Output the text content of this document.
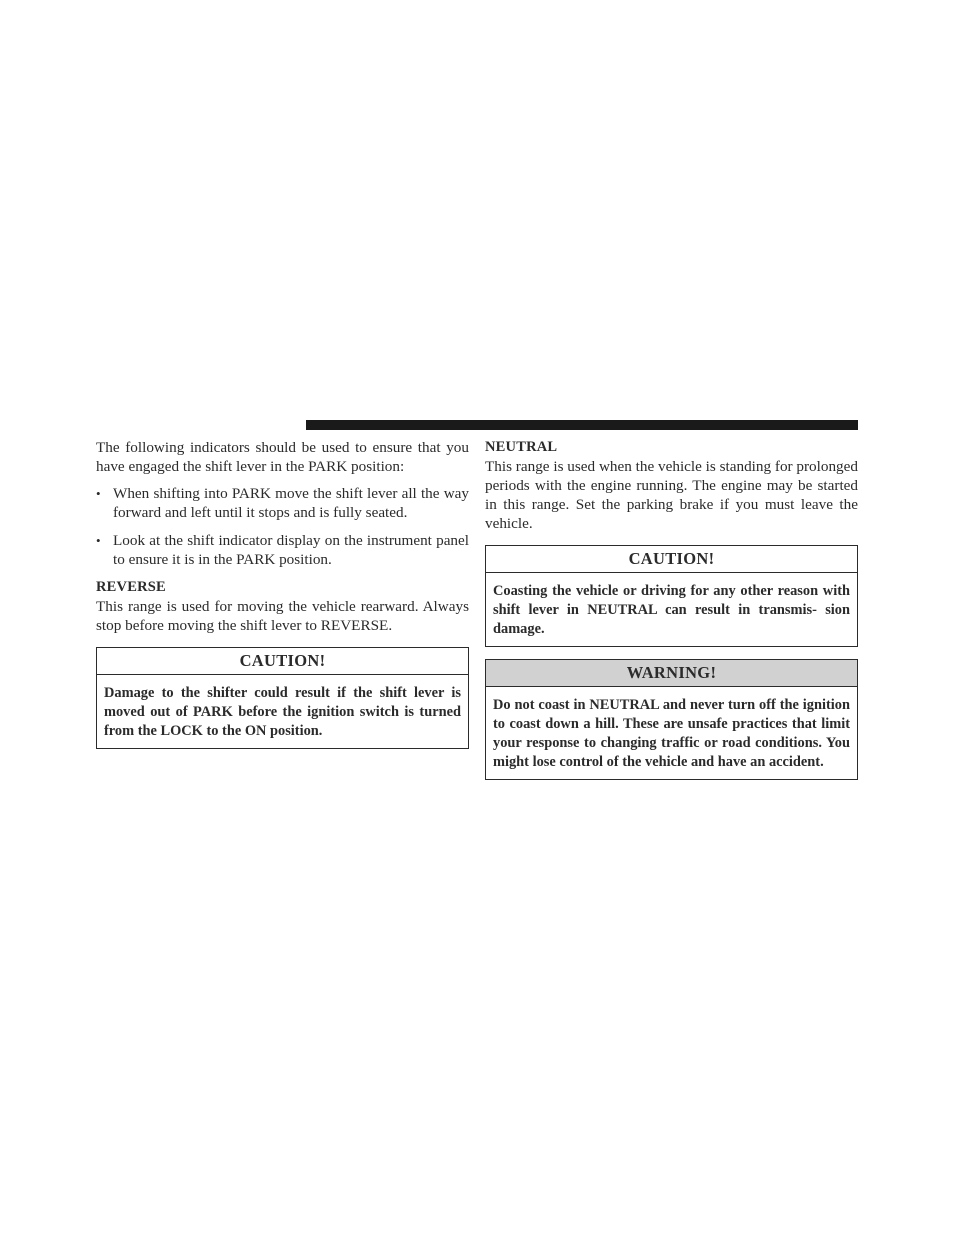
The following indicators should be used to ensure that you have engaged the shift lever in the PARK position:

• When shifting into PARK move the shift lever all the way forward and left until it stops and is fully seated.
• Look at the shift indicator display on the instrument panel to ensure it is in the PARK position.

REVERSE

This range is used for moving the vehicle rearward. Always stop before moving the shift lever to REVERSE.

CAUTION!
Damage to the shifter could result if the shift lever is moved out of PARK before the ignition switch is turned from the LOCK to the ON position.

NEUTRAL

This range is used when the vehicle is standing for prolonged periods with the engine running. The engine may be started in this range. Set the parking brake if you must leave the vehicle.

CAUTION!
Coasting the vehicle or driving for any other reason with shift lever in NEUTRAL can result in transmis- sion damage.
WARNING!
Do not coast in NEUTRAL and never turn off the ignition to coast down a hill. These are unsafe practices that limit your response to changing traffic or road conditions. You might lose control of the vehicle and have an accident.
